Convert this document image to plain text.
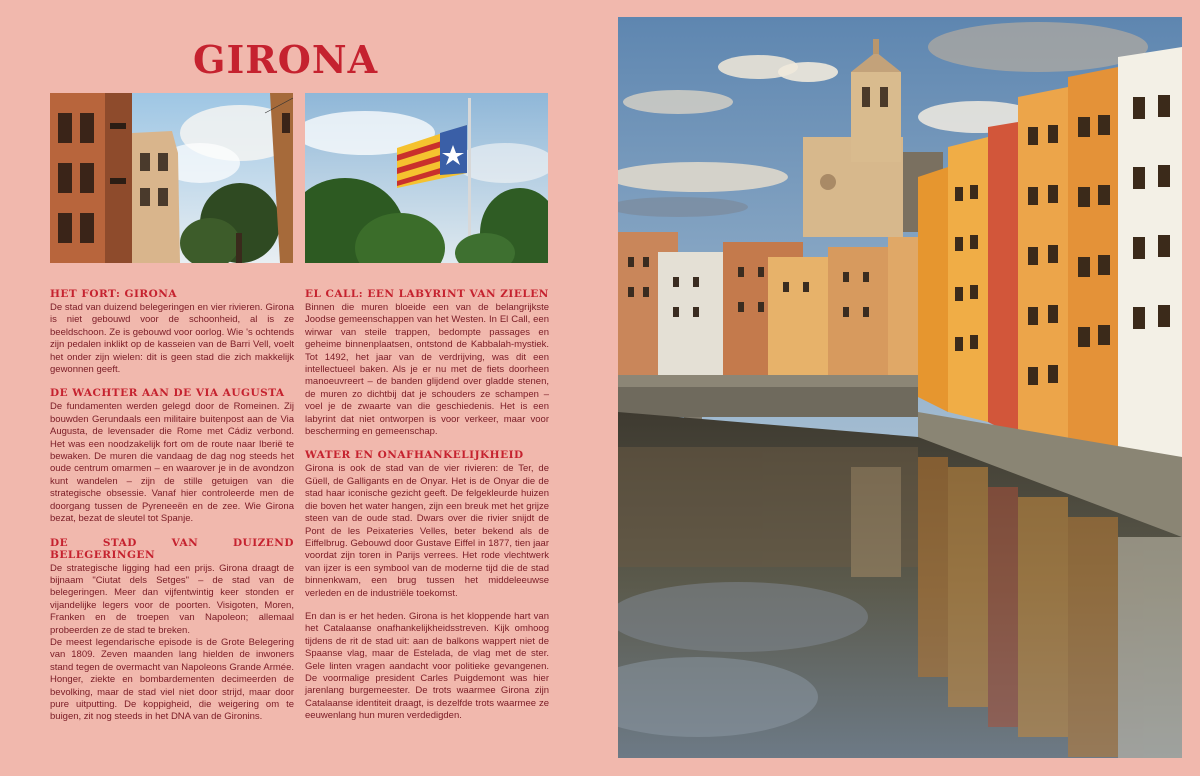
GIRONA
HET FORT: GIRONA

De stad van duizend belegeringen en vier rivieren. Girona is niet gebouwd voor de schoonheid, al is ze beeldschoon. Ze is gebouwd voor oorlog. Wie 's ochtends zijn pedalen inklikt op de kasseien van de Barri Vell, voelt het onder zijn wielen: dit is geen stad die zich makkelijk gewonnen geeft.

DE WACHTER AAN DE VIA AUGUSTA

De fundamenten werden gelegd door de Romeinen. Zij bouwden Gerundaals een militaire buitenpost aan de Via Augusta, de levensader die Rome met Cádiz verbond. Het was een noodzakelijk fort om de route naar Iberië te bewaken. De muren die vandaag de dag nog steeds het oude centrum omarmen – en waarover je in de avondzon kunt wandelen – zijn de stille getuigen van die strategische obsessie. Vanaf hier controleerde men de doorgang tussen de Pyreneeën en de zee. Wie Girona bezat, bezat de sleutel tot Spanje.

DE STAD VAN DUIZEND BELEGERINGEN

De strategische ligging had een prijs. Girona draagt de bijnaam "Ciutat dels Setges" – de stad van de belegeringen. Meer dan vijfentwintig keer stonden er vijandelijke legers voor de poorten. Visigoten, Moren, Franken en de troepen van Napoleon; allemaal probeerden ze de stad te breken.

De meest legendarische episode is de Grote Belegering van 1809. Zeven maanden lang hielden de inwoners stand tegen de overmacht van Napoleons Grande Armée. Honger, ziekte en bombardementen decimeerden de bevolking, maar de stad viel niet door strijd, maar door pure uitputting. De koppigheid, die weigering om te buigen, zit nog steeds in het DNA van de Gironins.

EL CALL: EEN LABYRINT VAN ZIELEN

Binnen die muren bloeide een van de belangrijkste Joodse gemeenschappen van het Westen. In El Call, een wirwar van steile trappen, bedompte passages en geheime binnenplaatsen, ontstond de Kabbalah-mystiek. Tot 1492, het jaar van de verdrijving, was dit een intellectueel baken. Als je er nu met de fiets doorheen manoeuvreert – de banden glijdend over gladde stenen, de muren zo dichtbij dat je schouders ze schampen – voel je de zwaarte van die geschiedenis. Het is een labyrint dat niet ontworpen is voor verkeer, maar voor bescherming en gemeenschap.

WATER EN ONAFHANKELIJKHEID

Girona is ook de stad van de vier rivieren: de Ter, de Güell, de Galligants en de Onyar. Het is de Onyar die de stad haar iconische gezicht geeft. De felgekleurde huizen die boven het water hangen, zijn een breuk met het grijze steen van de oude stad. Dwars over die rivier snijdt de Pont de les Peixateries Velles, beter bekend als de Eiffelbrug. Gebouwd door Gustave Eiffel in 1877, tien jaar voordat zijn toren in Parijs verrees. Het rode vlechtwerk van ijzer is een symbool van de moderne tijd die de stad binnenkwam, een brug tussen het middeleeuwse verleden en de industriële toekomst.

En dan is er het heden. Girona is het kloppende hart van het Catalaanse onafhankelijkheidsstreven. Kijk omhoog tijdens de rit de stad uit: aan de balkons wappert niet de Spaanse vlag, maar de Estelada, de vlag met de ster. Gele linten vragen aandacht voor politieke gevangenen. De voormalige president Carles Puigdemont was hier jarenlang burgemeester. De trots waarmee Girona zijn Catalaanse identiteit draagt, is dezelfde trots waarmee ze eeuwenlang hun muren verdedigden.
